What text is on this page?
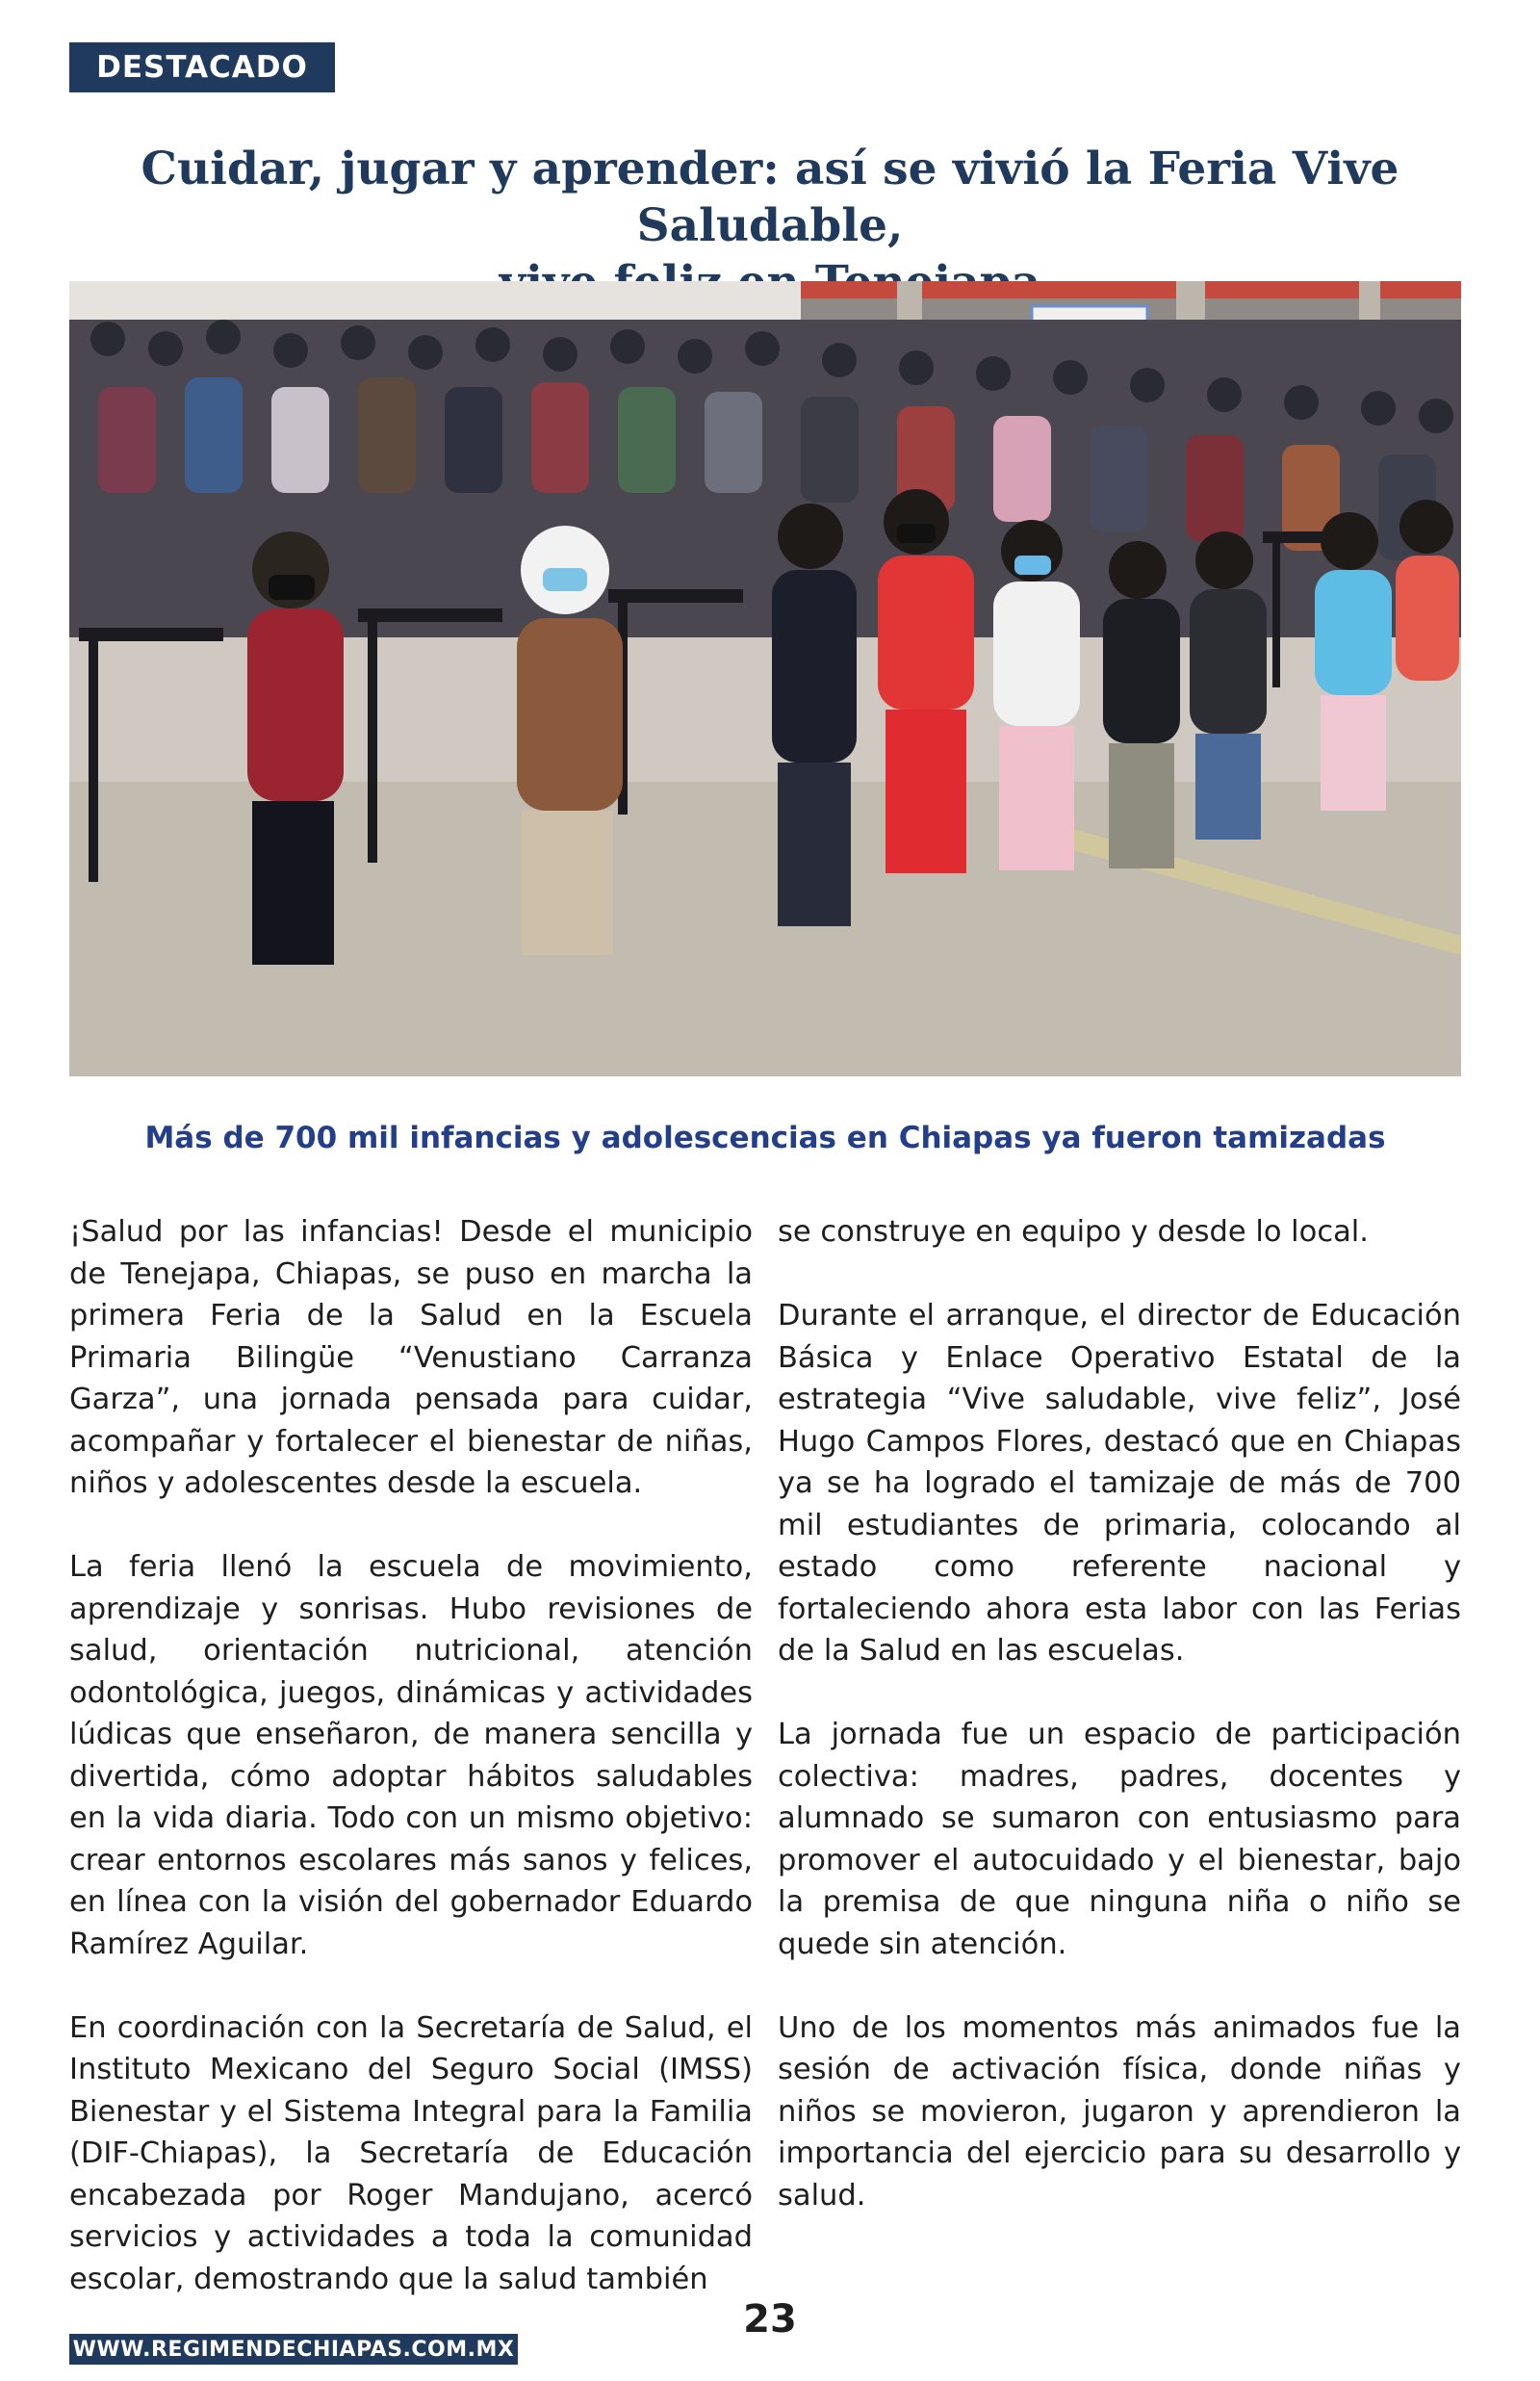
DESTACADO
Cuidar, jugar y aprender: así se vivió la Feria Vive Saludable,

Más de 700 mil infancias y adolescencias en Chiapas ya fueron tamizadas

¡Salud por las infancias! Desde el municipio de Tenejapa, Chiapas, se puso en marcha la primera Feria de la Salud en la Escuela Primaria Bilingüe “Venustiano Carranza Garza”, una jornada pensada para cuidar, acompañar y fortalecer el bienestar de niñas, niños y adolescentes desde la escuela.

La feria llenó la escuela de movimiento, aprendizaje y sonrisas. Hubo revisiones de salud, orientación nutricional, atención odontológica, juegos, dinámicas y actividades lúdicas que enseñaron, de manera sencilla y divertida, cómo adoptar hábitos saludables en la vida diaria. Todo con un mismo objetivo: crear entornos escolares más sanos y felices, en línea con la visión del gobernador Eduardo Ramírez Aguilar.

En coordinación con la Secretaría de Salud, el Instituto Mexicano del Seguro Social (IMSS) Bienestar y el Sistema Integral para la Familia (DIF-Chiapas), la Secretaría de Educación encabezada por Roger Mandujano, acercó servicios y actividades a toda la comunidad escolar, demostrando que la salud también

se construye en equipo y desde lo local.

Durante el arranque, el director de Educación Básica y Enlace Operativo Estatal de la estrategia “Vive saludable, vive feliz”, José Hugo Campos Flores, destacó que en Chiapas ya se ha logrado el tamizaje de más de 700 mil estudiantes de primaria, colocando al estado como referente nacional y fortaleciendo ahora esta labor con las Ferias de la Salud en las escuelas.

La jornada fue un espacio de participación colectiva: madres, padres, docentes y alumnado se sumaron con entusiasmo para promover el autocuidado y el bienestar, bajo la premisa de que ninguna niña o niño se quede sin atención.

Uno de los momentos más animados fue la sesión de activación física, donde niñas y niños se movieron, jugaron y aprendieron la importancia del ejercicio para su desarrollo y salud.

WWW.REGIMENDECHIAPAS.COM.MX
23
